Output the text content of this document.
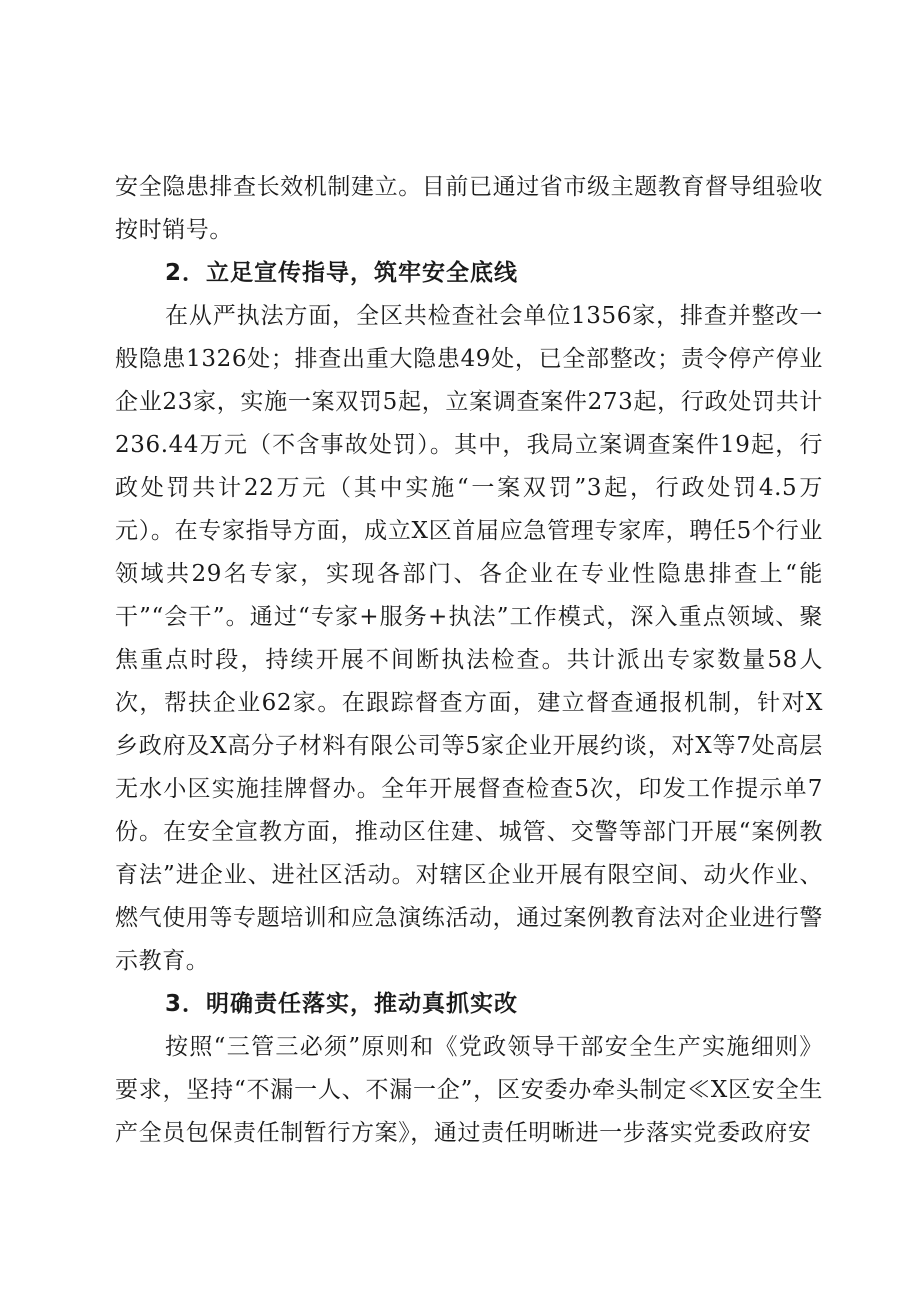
安全隐患排查长效机制建立。目前已通过省市级主题教育督导组验收按时销号。

2．立足宣传指导，筑牢安全底线

在从严执法方面，全区共检查社会单位1356家，排查并整改一般隐患1326处；排查出重大隐患49处，已全部整改；责令停产停业企业23家，实施一案双罚5起，立案调查案件273起，行政处罚共计236.44万元（不含事故处罚）。其中，我局立案调查案件19起，行政处罚共计22万元（其中实施“一案双罚”3起，行政处罚4.5万元）。在专家指导方面，成立X区首届应急管理专家库，聘任5个行业领域共29名专家，实现各部门、各企业在专业性隐患排查上“能干”“会干”。通过“专家+服务+执法”工作模式，深入重点领域、聚焦重点时段，持续开展不间断执法检查。共计派出专家数量58人次，帮扶企业62家。在跟踪督查方面，建立督查通报机制，针对X乡政府及X高分子材料有限公司等5家企业开展约谈，对X等7处高层无水小区实施挂牌督办。全年开展督查检查5次，印发工作提示单7份。在安全宣教方面，推动区住建、城管、交警等部门开展“案例教育法”进企业、进社区活动。对辖区企业开展有限空间、动火作业、燃气使用等专题培训和应急演练活动，通过案例教育法对企业进行警示教育。

3．明确责任落实，推动真抓实改

按照“三管三必须”原则和《党政领导干部安全生产实施细则》要求，坚持“不漏一人、不漏一企”，区安委办牵头制定≪X区安全生产全员包保责任制暂行方案》，通过责任明晰进一步落实党委政府安
